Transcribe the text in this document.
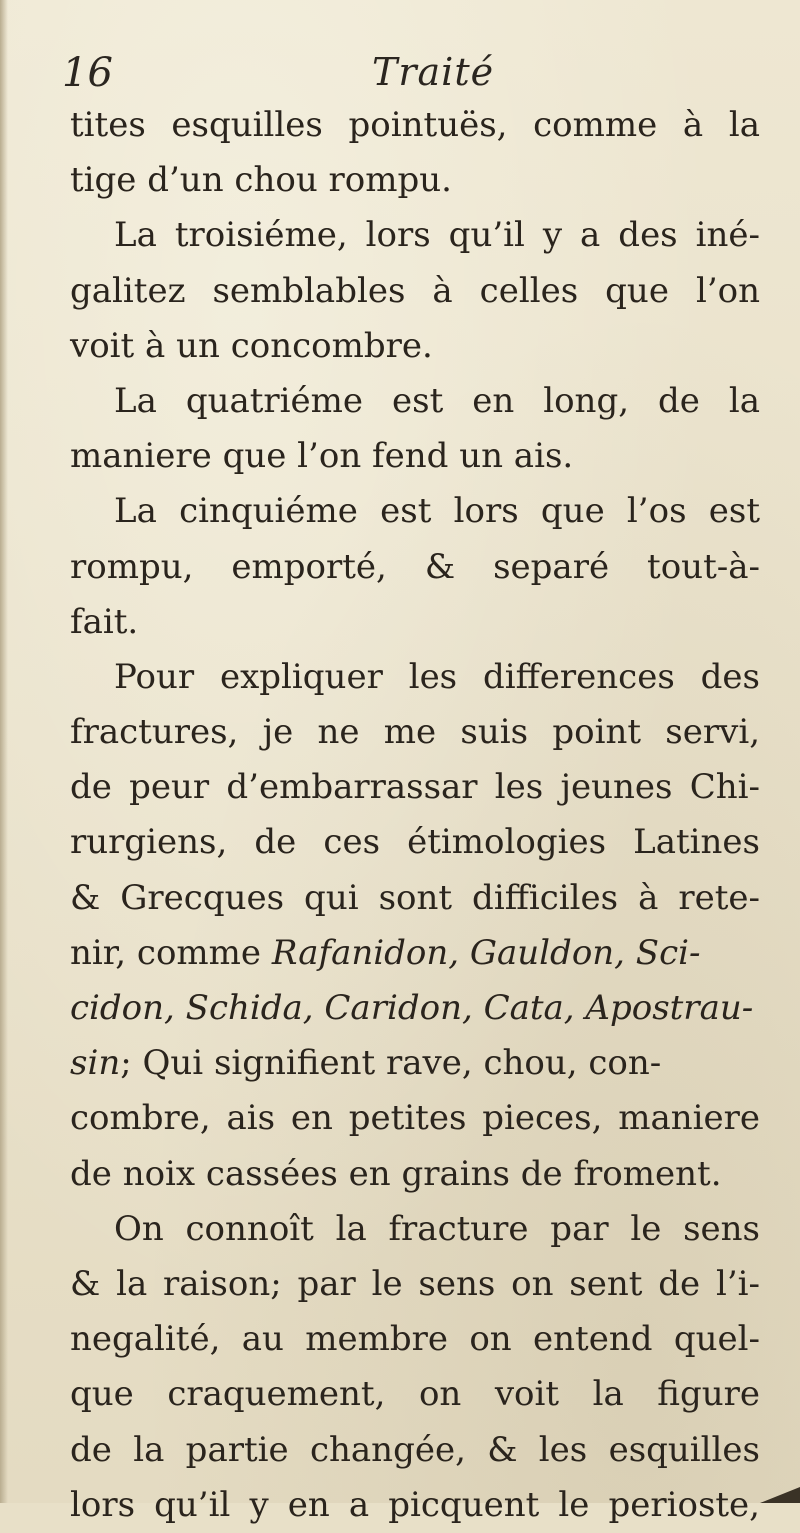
16	Traité
tites esquilles pointuës, comme à la
tige d’un chou rompu.
La troisiéme, lors qu’il y a des iné-
galitez semblables à celles que l’on
voit à un concombre.
La quatriéme est en long, de la
maniere que l’on fend un ais.
La cinquiéme est lors que l’os est
rompu, emporté, & separé tout-à-
fait.
Pour expliquer les differences des
fractures, je ne me suis point servi,
de peur d’embarrassar les jeunes Chi-
rurgiens, de ces étimologies Latines
& Grecques qui sont difficiles à rete-
nir, comme Rafanidon, Gauldon, Sci-
cidon, Schida, Caridon, Cata, Apostrau-
sin; Qui signifient rave, chou, con-
combre, ais en petites pieces, maniere
de noix cassées en grains de froment.
On connoît la fracture par le sens
& la raison; par le sens on sent de l’i-
negalité, au membre on entend quel-
que craquement, on voit la figure
de la partie changée, & les esquilles
lors qu’il y en a picquent le perioste,
